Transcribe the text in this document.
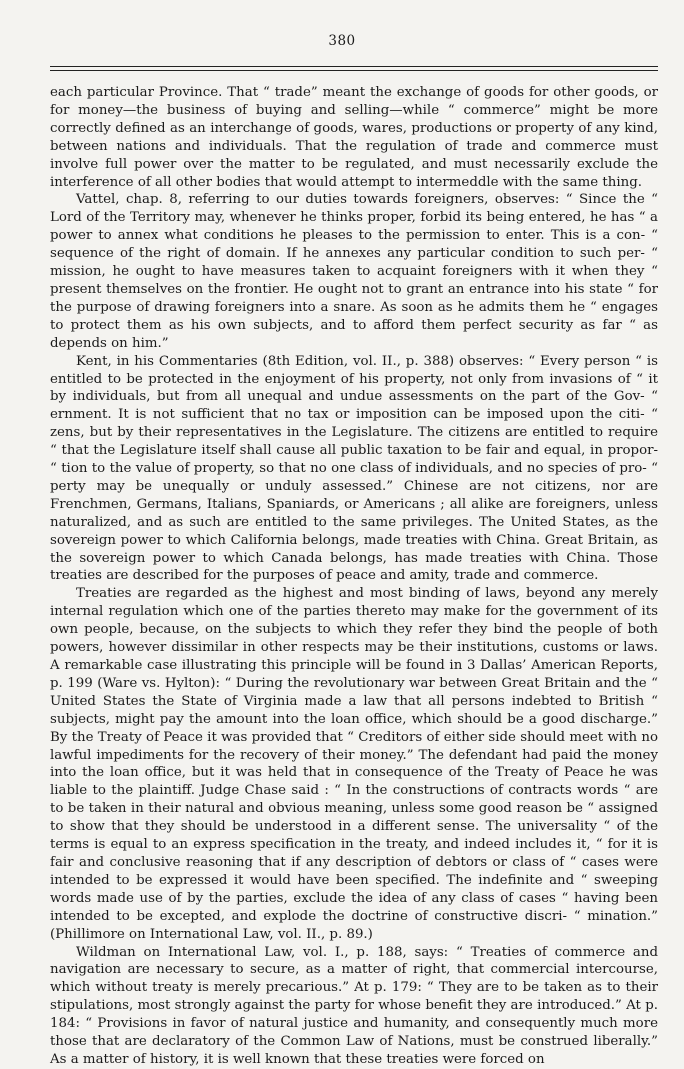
380

each particular Province. That “ trade” meant the exchange of goods for other goods, or for money—the business of buying and selling—while “ commerce” might be more correctly defined as an interchange of goods, wares, productions or property of any kind, between nations and individuals. That the regulation of trade and commerce must involve full power over the matter to be regulated, and must necessarily exclude the interference of all other bodies that would attempt to intermeddle with the same thing.

Vattel, chap. 8, referring to our duties towards foreigners, observes: “ Since the “ Lord of the Territory may, whenever he thinks proper, forbid its being entered, he has “ a power to annex what conditions he pleases to the permission to enter. This is a con- “ sequence of the right of domain. If he annexes any particular condition to such per- “ mission, he ought to have measures taken to acquaint foreigners with it when they “ present themselves on the frontier. He ought not to grant an entrance into his state “ for the purpose of drawing foreigners into a snare. As soon as he admits them he “ engages to protect them as his own subjects, and to afford them perfect security as far “ as depends on him.”

Kent, in his Commentaries (8th Edition, vol. II., p. 388) observes: “ Every person “ is entitled to be protected in the enjoyment of his property, not only from invasions of “ it by individuals, but from all unequal and undue assessments on the part of the Gov- “ ernment. It is not sufficient that no tax or imposition can be imposed upon the citi- “ zens, but by their representatives in the Legislature. The citizens are entitled to require “ that the Legislature itself shall cause all public taxation to be fair and equal, in propor- “ tion to the value of property, so that no one class of individuals, and no species of pro- “ perty may be unequally or unduly assessed.” Chinese are not citizens, nor are Frenchmen, Germans, Italians, Spaniards, or Americans ; all alike are foreigners, unless naturalized, and as such are entitled to the same privileges. The United States, as the sovereign power to which California belongs, made treaties with China. Great Britain, as the sovereign power to which Canada belongs, has made treaties with China. Those treaties are described for the purposes of peace and amity, trade and commerce.

Treaties are regarded as the highest and most binding of laws, beyond any merely internal regulation which one of the parties thereto may make for the government of its own people, because, on the subjects to which they refer they bind the people of both powers, however dissimilar in other respects may be their institutions, customs or laws. A remarkable case illustrating this principle will be found in 3 Dallas’ American Reports, p. 199 (Ware vs. Hylton): “ During the revolutionary war between Great Britain and the “ United States the State of Virginia made a law that all persons indebted to British “ subjects, might pay the amount into the loan office, which should be a good discharge.” By the Treaty of Peace it was provided that “ Creditors of either side should meet with no lawful impediments for the recovery of their money.” The defendant had paid the money into the loan office, but it was held that in consequence of the Treaty of Peace he was liable to the plaintiff. Judge Chase said : “ In the constructions of contracts words “ are to be taken in their natural and obvious meaning, unless some good reason be “ assigned to show that they should be understood in a different sense. The universality “ of the terms is equal to an express specification in the treaty, and indeed includes it, “ for it is fair and conclusive reasoning that if any description of debtors or class of “ cases were intended to be expressed it would have been specified. The indefinite and “ sweeping words made use of by the parties, exclude the idea of any class of cases “ having been intended to be excepted, and explode the doctrine of constructive discri- “ mination.” (Phillimore on International Law, vol. II., p. 89.)

Wildman on International Law, vol. I., p. 188, says: “ Treaties of commerce and navigation are necessary to secure, as a matter of right, that commercial intercourse, which without treaty is merely precarious.” At p. 179: “ They are to be taken as to their stipulations, most strongly against the party for whose benefit they are introduced.” At p. 184: “ Provisions in favor of natural justice and humanity, and consequently much more those that are declaratory of the Common Law of Nations, must be construed liberally.” As a matter of history, it is well known that these treaties were forced on
